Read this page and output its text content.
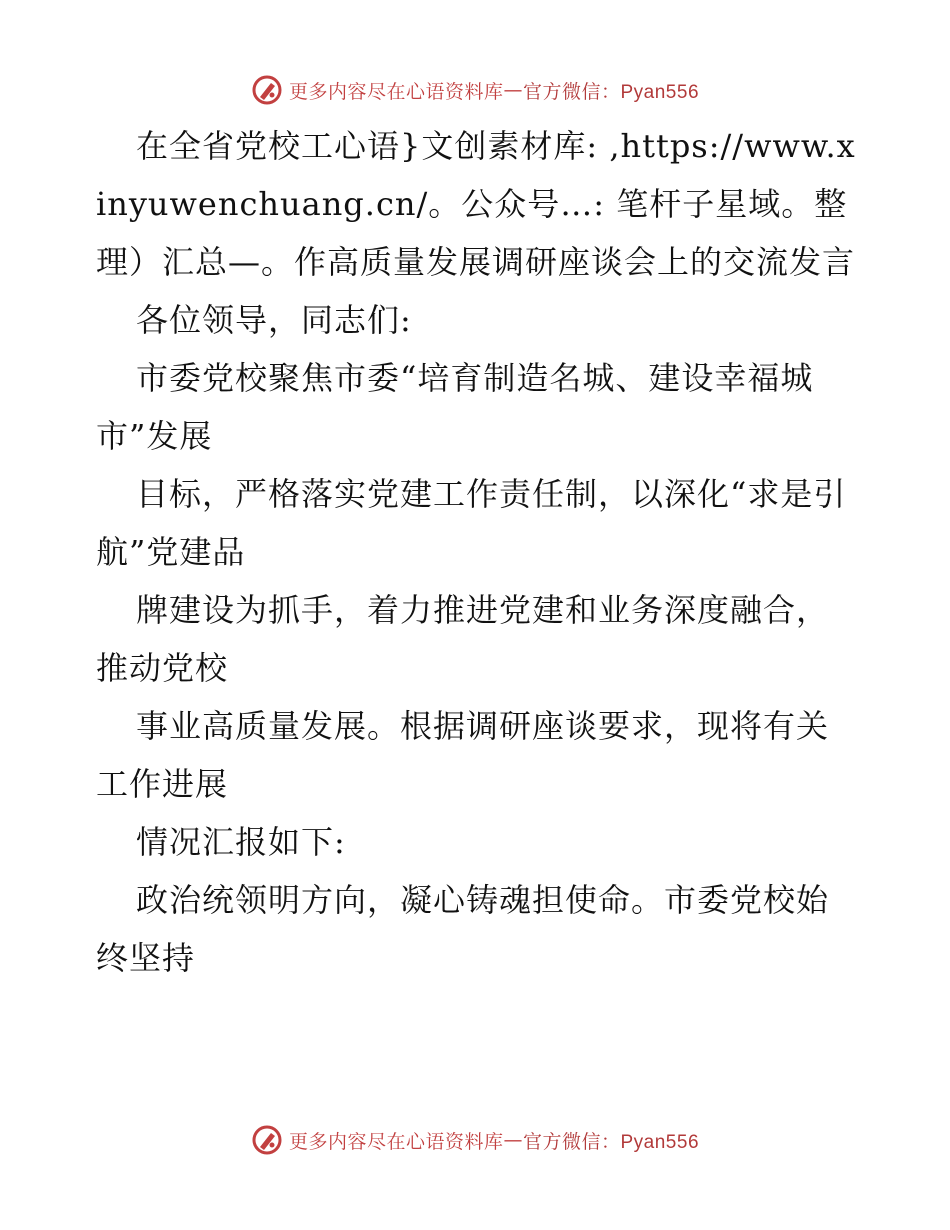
更多内容尽在心语资料库 — 官方微信：Pyan556

在全省党校工心语}文创素材库: ,https://www.xinyuwenchuang.cn/。公众号…: 笔杆子星域。整理）汇总—。作高质量发展调研座谈会上的交流发言

各位领导，同志们:

市委党校聚焦市委“培育制造名城、建设幸福城市”发展

目标，严格落实党建工作责任制，以深化“求是引航”党建品

牌建设为抓手，着力推进党建和业务深度融合，推动党校

事业高质量发展。根据调研座谈要求，现将有关工作进展

情况汇报如下:

政治统领明方向，凝心铸魂担使命。市委党校始终坚持

更多内容尽在心语资料库 — 官方微信：Pyan556
